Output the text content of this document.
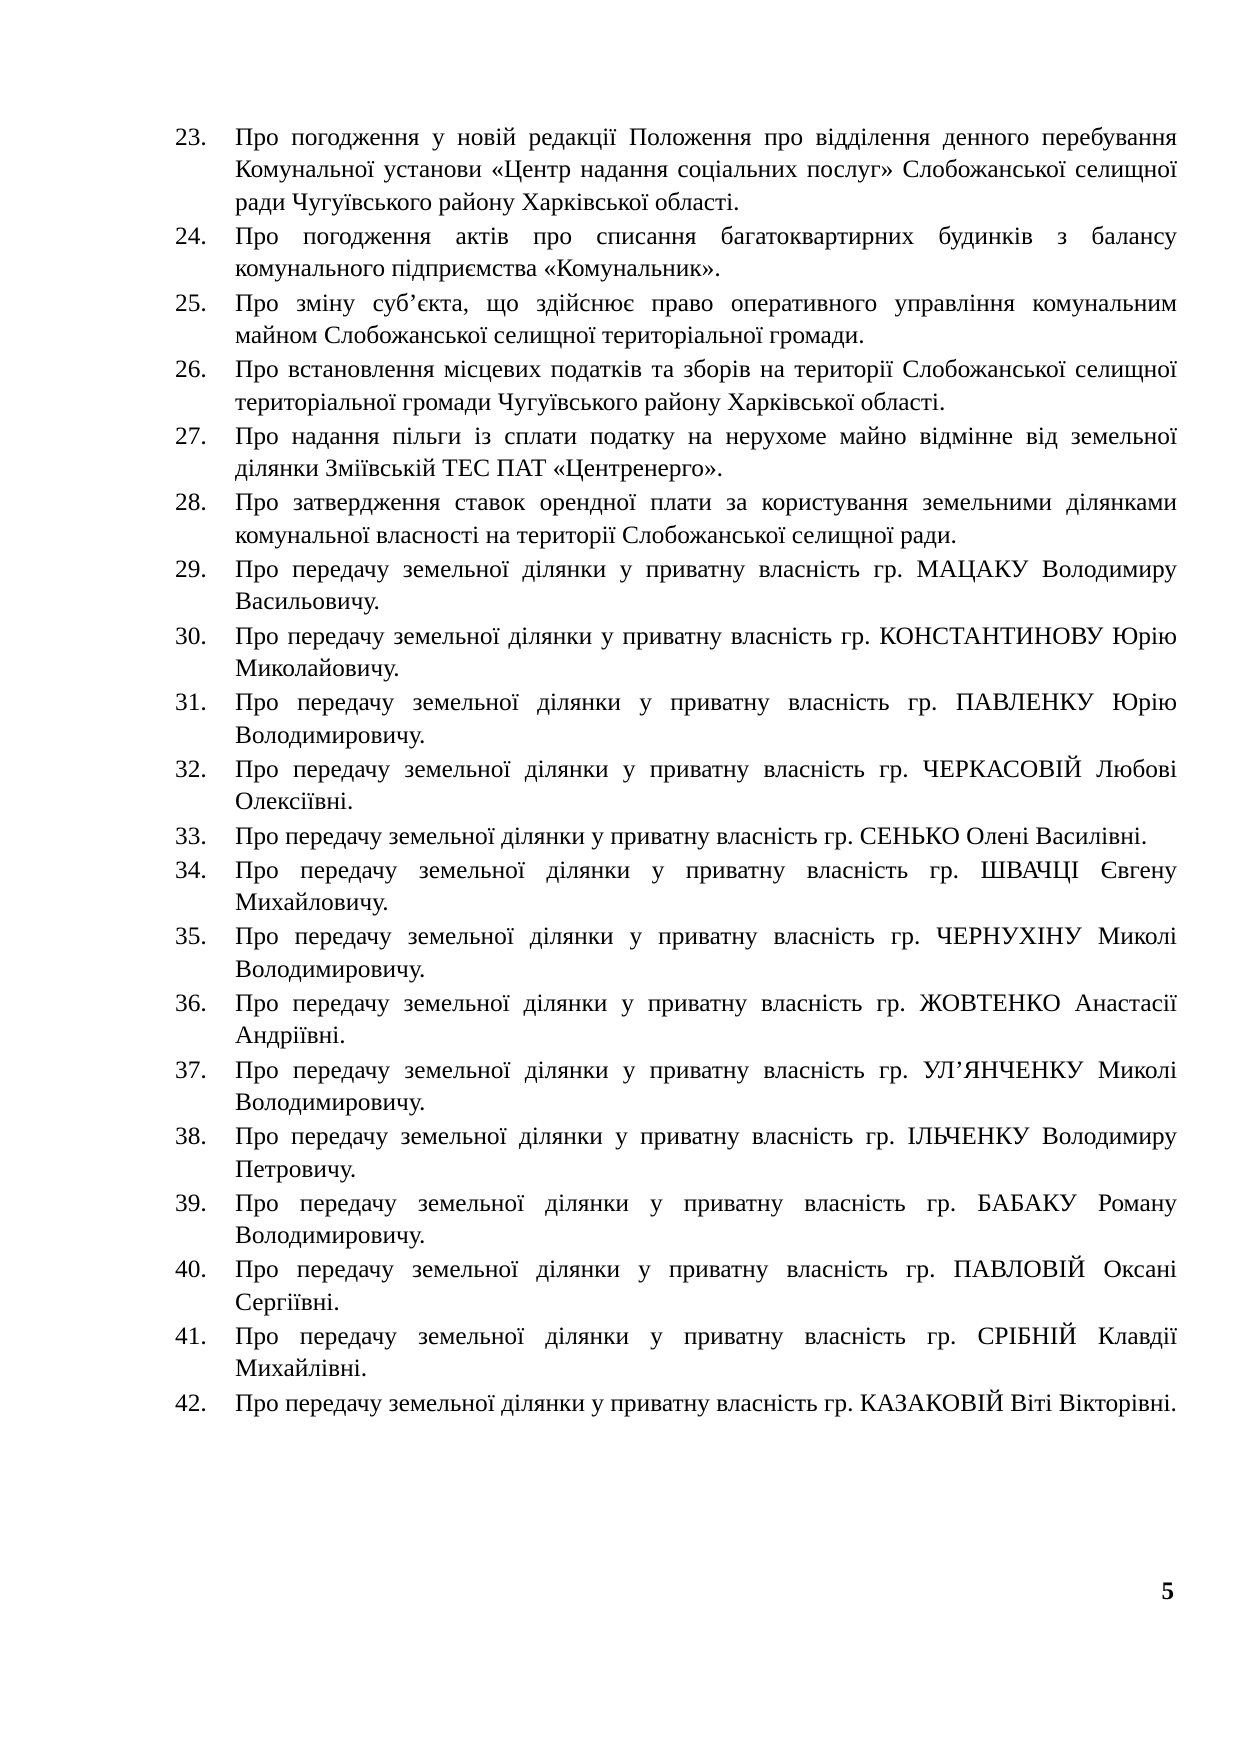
23.	Про погодження у новій редакції Положення про відділення денного перебування Комунальної установи «Центр надання соціальних послуг» Слобожанської селищної ради Чугуївського району Харківської області.
24.	Про погодження актів про списання багатоквартирних будинків з балансу комунального підприємства «Комунальник».
25.	Про зміну суб’єкта, що здійснює право оперативного управління комунальним майном Слобожанської селищної територіальної громади.
26.	Про встановлення місцевих податків та зборів на території Слобожанської селищної територіальної громади Чугуївського району Харківської області.
27.	Про надання пільги із сплати податку на нерухоме майно відмінне від земельної ділянки Зміївській ТЕС ПАТ «Центренерго».
28.	Про затвердження ставок орендної плати за користування земельними ділянками комунальної власності на території Слобожанської селищної ради.
29.	Про передачу земельної ділянки у приватну власність гр. МАЦАКУ Володимиру Васильовичу.
30.	Про передачу земельної ділянки у приватну власність гр. КОНСТАНТИНОВУ Юрію Миколайовичу.
31.	Про передачу земельної ділянки у приватну власність гр. ПАВЛЕНКУ Юрію Володимировичу.
32.	Про передачу земельної ділянки у приватну власність гр. ЧЕРКАСОВІЙ Любові Олексіївні.
33.	Про передачу земельної ділянки у приватну власність гр. СЕНЬКО Олені Василівні.
34.	Про передачу земельної ділянки у приватну власність гр. ШВАЧЦІ Євгену Михайловичу.
35.	Про передачу земельної ділянки у приватну власність гр. ЧЕРНУХІНУ Миколі Володимировичу.
36.	Про передачу земельної ділянки у приватну власність гр. ЖОВТЕНКО Анастасії Андріївні.
37.	Про передачу земельної ділянки у приватну власність гр. УЛ’ЯНЧЕНКУ Миколі Володимировичу.
38.	Про передачу земельної ділянки у приватну власність гр. ІЛЬЧЕНКУ Володимиру Петровичу.
39.	Про передачу земельної ділянки у приватну власність гр. БАБАКУ Роману Володимировичу.
40.	Про передачу земельної ділянки у приватну власність гр. ПАВЛОВІЙ Оксані Сергіївні.
41.	Про передачу земельної ділянки у приватну власність гр. СРІБНІЙ Клавдії Михайлівні.
42.	Про передачу земельної ділянки у приватну власність гр. КАЗАКОВІЙ Віті Вікторівні.
5
